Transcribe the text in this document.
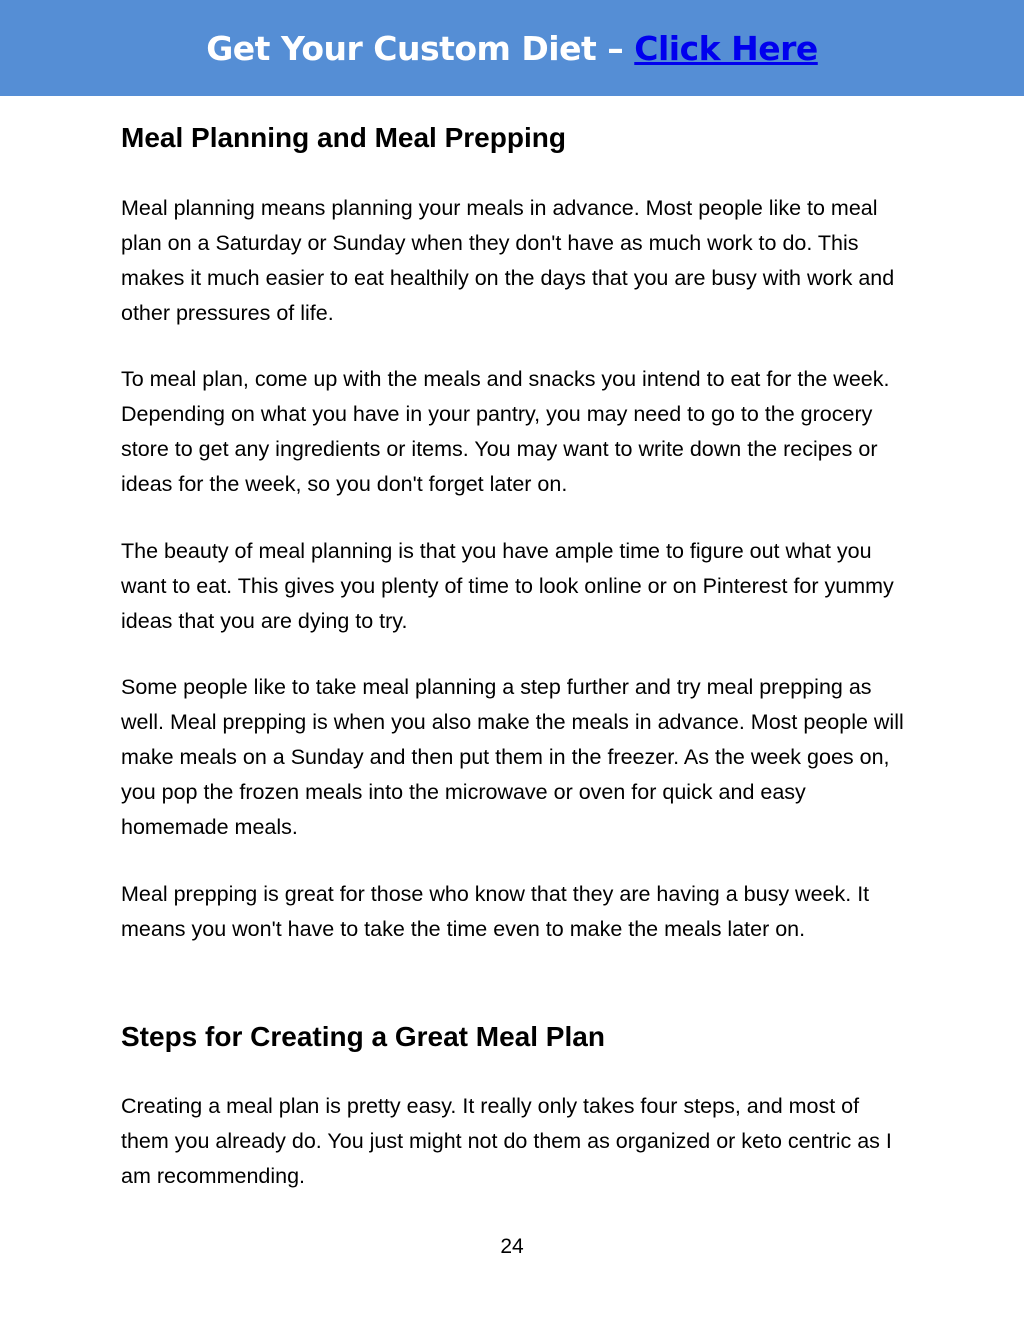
Get Your Custom Diet – Click Here
Meal Planning and Meal Prepping

Meal planning means planning your meals in advance. Most people like to meal plan on a Saturday or Sunday when they don't have as much work to do. This makes it much easier to eat healthily on the days that you are busy with work and other pressures of life.

To meal plan, come up with the meals and snacks you intend to eat for the week. Depending on what you have in your pantry, you may need to go to the grocery store to get any ingredients or items. You may want to write down the recipes or ideas for the week, so you don't forget later on.

The beauty of meal planning is that you have ample time to figure out what you want to eat. This gives you plenty of time to look online or on Pinterest for yummy ideas that you are dying to try.

Some people like to take meal planning a step further and try meal prepping as well. Meal prepping is when you also make the meals in advance. Most people will make meals on a Sunday and then put them in the freezer. As the week goes on, you pop the frozen meals into the microwave or oven for quick and easy homemade meals.

Meal prepping is great for those who know that they are having a busy week. It means you won't have to take the time even to make the meals later on.

Steps for Creating a Great Meal Plan

Creating a meal plan is pretty easy. It really only takes four steps, and most of them you already do. You just might not do them as organized or keto centric as I am recommending.

24
